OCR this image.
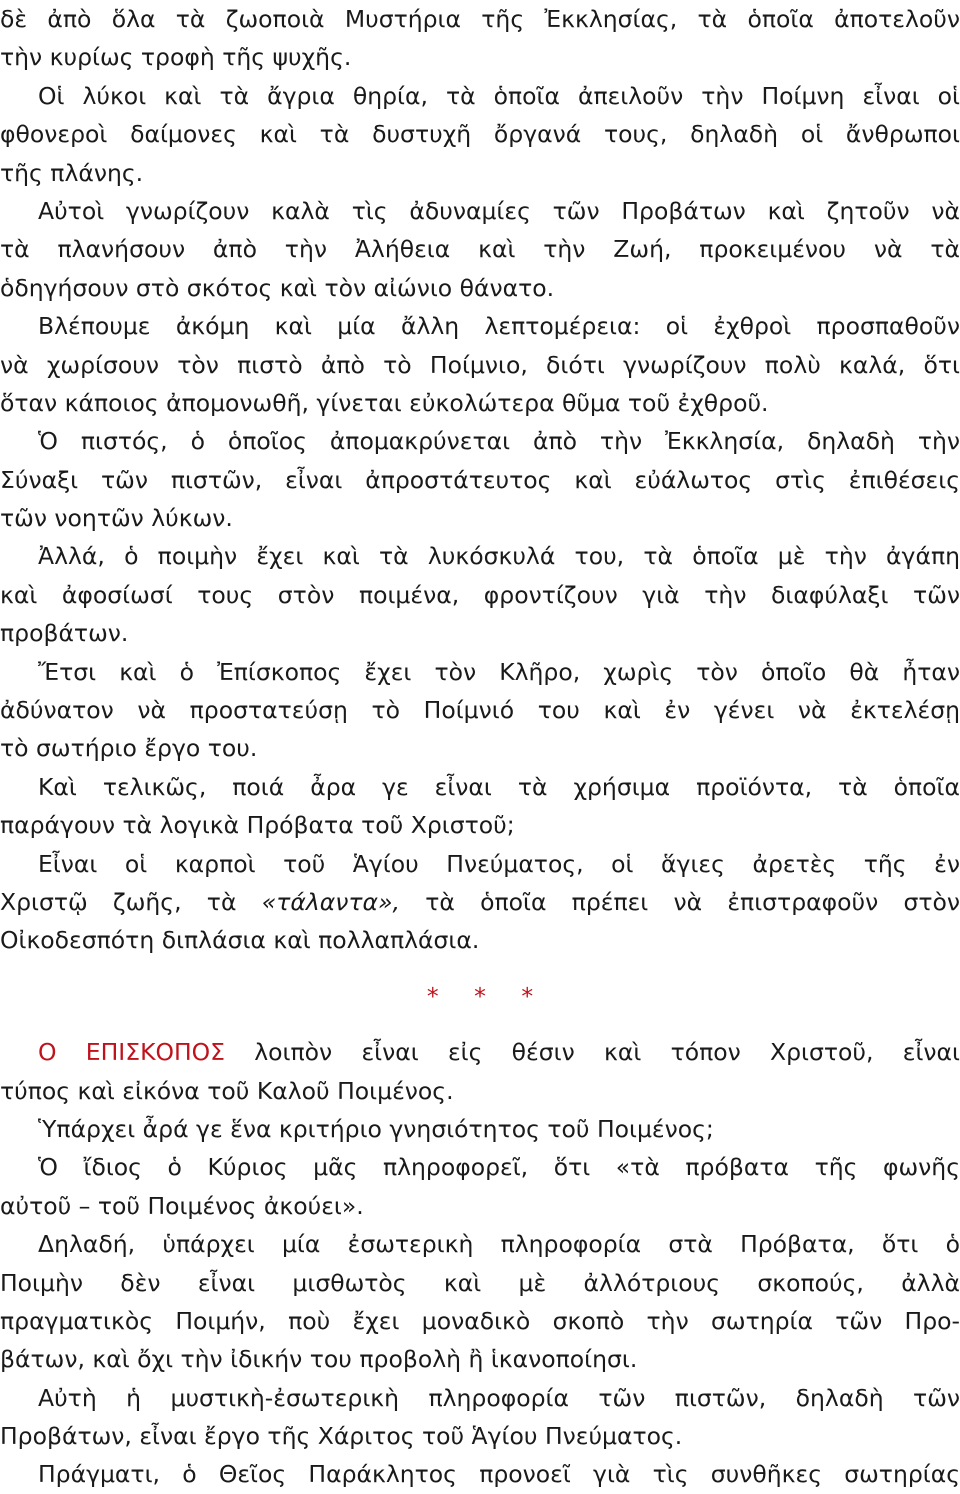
δὲ ἀπὸ ὅλα τὰ ζωοποιὰ Μυστήρια τῆς Ἐκκλησίας, τὰ ὁποῖα ἀποτελοῦν
τὴν κυρίως τροφὴ τῆς ψυχῆς.
Οἱ λύκοι καὶ τὰ ἄγρια θηρία, τὰ ὁποῖα ἀπειλοῦν τὴν Ποίμνη εἶναι οἱ
φθονεροὶ δαίμονες καὶ τὰ δυστυχῆ ὄργανά τους, δηλαδὴ οἱ ἄνθρωποι
τῆς πλάνης.
Αὐτοὶ γνωρίζουν καλὰ τὶς ἀδυναμίες τῶν Προβάτων καὶ ζητοῦν νὰ
τὰ πλανήσουν ἀπὸ τὴν Ἀλήθεια καὶ τὴν Ζωή, προκειμένου νὰ τὰ
ὁδηγήσουν στὸ σκότος καὶ τὸν αἰώνιο θάνατο.
Βλέπουμε ἀκόμη καὶ μία ἄλλη λεπτομέρεια: οἱ ἐχθροὶ προσπαθοῦν
νὰ χωρίσουν τὸν πιστὸ ἀπὸ τὸ Ποίμνιο, διότι γνωρίζουν πολὺ καλά, ὅτι
ὅταν κάποιος ἀπομονωθῆ, γίνεται εὐκολώτερα θῦμα τοῦ ἐχθροῦ.
Ὁ πιστός, ὁ ὁποῖος ἀπομακρύνεται ἀπὸ τὴν Ἐκκλησία, δηλαδὴ τὴν
Σύναξι τῶν πιστῶν, εἶναι ἀπροστάτευτος καὶ εὐάλωτος στὶς ἐπιθέσεις
τῶν νοητῶν λύκων.
Ἀλλά, ὁ ποιμὴν ἔχει καὶ τὰ λυκόσκυλά του, τὰ ὁποῖα μὲ τὴν ἀγάπη
καὶ ἀφοσίωσί τους στὸν ποιμένα, φροντίζουν γιὰ τὴν διαφύλαξι τῶν
προβάτων.
Ἔτσι καὶ ὁ Ἐπίσκοπος ἔχει τὸν Κλῆρο, χωρὶς τὸν ὁποῖο θὰ ἦταν
ἀδύνατον νὰ προστατεύσῃ τὸ Ποίμνιό του καὶ ἐν γένει νὰ ἐκτελέσῃ
τὸ σωτήριο ἔργο του.
Καὶ τελικῶς, ποιά ἆρα γε εἶναι τὰ χρήσιμα προϊόντα, τὰ ὁποῖα
παράγουν τὰ λογικὰ Πρόβατα τοῦ Χριστοῦ;
Εἶναι οἱ καρποὶ τοῦ Ἁγίου Πνεύματος, οἱ ἅγιες ἀρετὲς τῆς ἐν
Χριστῷ ζωῆς, τὰ «τάλαντα», τὰ ὁποῖα πρέπει νὰ ἐπιστραφοῦν στὸν
Οἰκοδεσπότη διπλάσια καὶ πολλαπλάσια.
* * *
Ο ΕΠΙΣΚΟΠΟΣ λοιπὸν εἶναι εἰς θέσιν καὶ τόπον Χριστοῦ, εἶναι
τύπος καὶ εἰκόνα τοῦ Καλοῦ Ποιμένος.
Ὑπάρχει ἆρά γε ἕνα κριτήριο γνησιότητος τοῦ Ποιμένος;
Ὁ ἴδιος ὁ Κύριος μᾶς πληροφορεῖ, ὅτι «τὰ πρόβατα τῆς φωνῆς
αὐτοῦ – τοῦ Ποιμένος ἀκούει».
Δηλαδή, ὑπάρχει μία ἐσωτερικὴ πληροφορία στὰ Πρόβατα, ὅτι ὁ
Ποιμὴν δὲν εἶναι μισθωτὸς καὶ μὲ ἀλλότριους σκοπούς, ἀλλὰ
πραγματικὸς Ποιμήν, ποὺ ἔχει μοναδικὸ σκοπὸ τὴν σωτηρία τῶν Προ-
βάτων, καὶ ὄχι τὴν ἰδικήν του προβολὴ ἢ ἱκανοποίησι.
Αὐτὴ ἡ μυστικὴ-ἐσωτερικὴ πληροφορία τῶν πιστῶν, δηλαδὴ τῶν
Προβάτων, εἶναι ἔργο τῆς Χάριτος τοῦ Ἁγίου Πνεύματος.
Πράγματι, ὁ Θεῖος Παράκλητος προνοεῖ γιὰ τὶς συνθῆκες σωτηρίας
